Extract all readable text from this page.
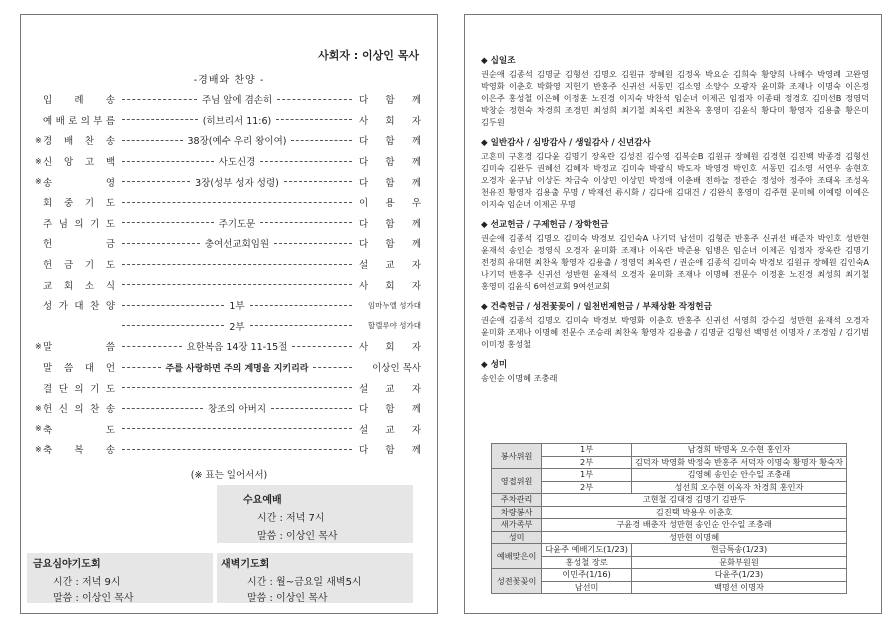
사회자 : 이상인 목사
-경배와 찬양 -
입 례 송	주님 앞에 겸손히	다 함 께
예 배 로 의 부 름	(히브리서 11:6)	사 회 자
※ 경 배 찬 송	38장(예수 우리 왕이여)	다 함 께
※ 신 앙 고 백	사도신경	다 함 께
※ 송	영	3장(성부 성자 성령)	다 함 께
회 중 기 도	이 용 우
주 님 의 기 도	주기도문	다 함 께
헌	금	충여선교회임원	다 함 께
헌 금 기 도	설 교 자
교 회 소 식	사 회 자
성 가 대 찬 양	1부	임마누엘 성가대
2부	할렐루야 성가대
※ 말	씀	요한복음 14장 11-15절	사 회 자
말 씀 대 언	주를 사랑하면 주의 계명을 지키리라	이상인 목사
결 단 의 기 도	설 교 자
※ 헌 신 의 찬 송	창조의 아버지	다 함 께
※ 축	도	설 교 자
※ 축 복 송	다 함 께
(※ 표는 일어서서)
수요예배
시간 : 저녁 7시
말씀 : 이상인 목사
금요심야기도회
시간 : 저녁 9시
말씀 : 이상인 목사
새벽기도회
시간 : 월~금요일 새벽5시
말씀 : 이상인 목사
◆ 십일조
권순애 김종석 김명균 김형선 김명오 김원규 장혜원 김정옥 박요순 김희숙 황양희 나해수 박영례 고완영 박영화 이춘호 박화영 지헌기 반홍주 신귀선 서동민 김소영 소양수 오광자 윤미화 조재나 이명숙 이은정 이은주 홍성철 이은혜 이정훈 노진경 이지숙 박찬석 임순녀 이제곤 임점자 이종태 정경호 김미선B 정영덕 박창순 정현숙 차경희 조경민 최성희 최기철 최옥련 최찬옥 홍영미 김윤식 황다미 황영자 김용출 황은미 김두원
◆ 일반감사 / 심방감사 / 생일감사 / 신년감사
고혼미 구혼경 김다윤 김명기 장옥란 김성진 김수영 김복순B 김원규 장혜원 김경현 김진백 박종경 김형선 김미숙 김완두 권혜선 김혜자 박정교 김미숙 박광식 박도자 박영경 박인호 서동민 김소영 서연우 송현호 오경자 윤구남 이상돈 차금숙 이상민 이상민 박정애 이춘배 전하늘 정관순 정성아 정주아 조태옥 조성옥 천유진 황영자 김용출 무명 / 박재선 류시화 / 김다애 김대건 / 김완식 홍영미 김주현 문미혜 이예령 이예은 이지숙 임순녀 이제곤 무명
◆ 선교헌금 / 구제헌금 / 장학헌금
권순애 김종석 김명오 김미숙 박경보 김인숙A 나기덕 남선미 김형준 반홍주 신귀선 배준자 박인호 성반현 윤재석 송인순 정영식 오경자 윤미화 조재나 이옥란 박준용 임병은 임순녀 이제곤 임정자 장옥란 김명기 전정희 유대현 최찬옥 황영자 김용출 / 정영덕 최옥련 / 권순애 김종석 김미숙 박경보 김원규 장혜원 김인숙A 나기덕 반홍주 신귀선 성반현 윤재석 오경자 윤미화 조재나 이명혜 전문수 이정훈 노진경 최성희 최기철 홍영미 김윤식 6여선교회 9여선교회
◆ 건축헌금 / 성전꽃꽂이 / 일천번제헌금 / 부채상환 작정헌금
권순애 김종석 김명오 김미숙 박경보 박영화 이춘호 반홍주 신귀선 서영희 강수길 성만현 윤재석 오경자 윤미화 조재나 이명혜 전문수 조승래 최찬옥 황영자 김용출 / 김명균 김형선 백명선 이명자 / 조경임 / 김기범 이미정 홍성철
◆ 성미
송인순 이명혜 조충래
봉사위원	1부	남경희 박명옥 오수현 홍인자
	2부	김덕자 박영화 박정숙 반홍주 서덕자 이명숙 황명자 황숙자
영접위원	1부	김영혜 송인순 안수일 조충래
	2부	성선희 오수현 이옥자 차경희 홍인자
주차관리	고현철 김대경 김명기 김판두	
차량봉사	김진택 박용우 이춘호	
새가족부	구윤경 배춘자 성만현 송인순 안수일 조충래	
성미	성만현 이명혜	
예배맞은이	다윤주 예배기도(1/23)	현금특송(1/23)
	홍성철 장로	문화부원원
성전꽃꽂이	이민주(1/16)	다윤주(1/23)
	남선미	백명선 이명자
